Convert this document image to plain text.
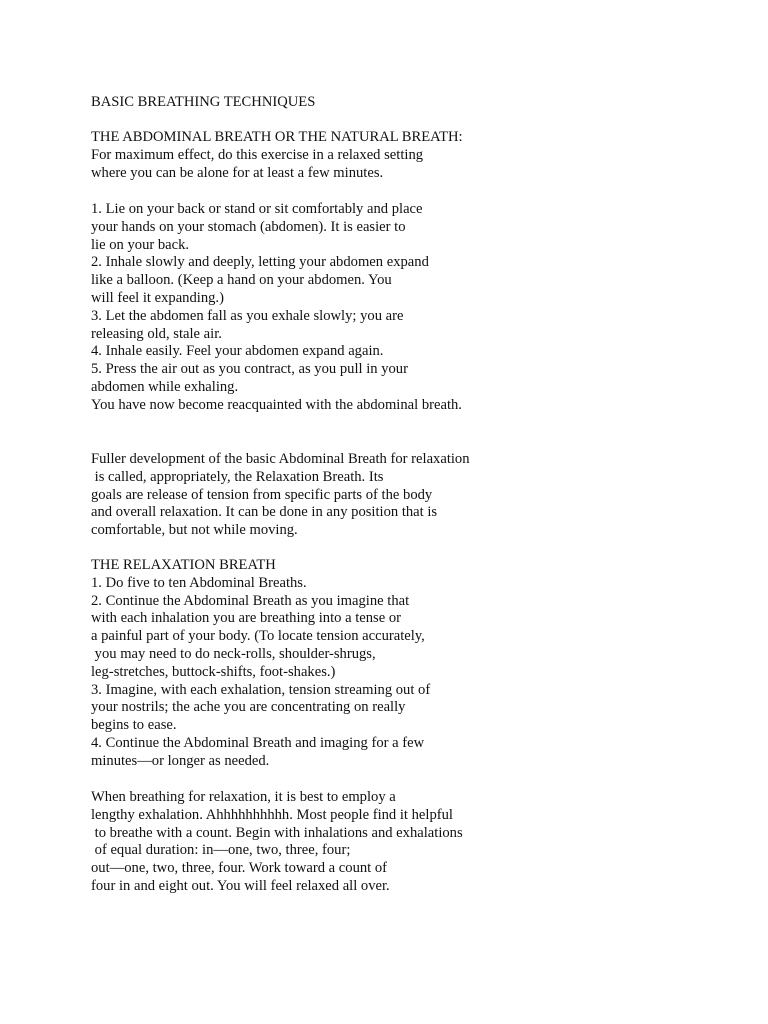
BASIC BREATHING TECHNIQUES
THE ABDOMINAL BREATH OR THE NATURAL BREATH:
For maximum effect, do this exercise in a relaxed setting
where you can be alone for at least a few minutes.
1. Lie on your back or stand or sit comfortably and place
your hands on your stomach (abdomen). It is easier to
lie on your back.
2. Inhale slowly and deeply, letting your abdomen expand
like a balloon. (Keep a hand on your abdomen. You
will feel it expanding.)
3. Let the abdomen fall as you exhale slowly; you are
releasing old, stale air.
4. Inhale easily. Feel your abdomen expand again.
5. Press the air out as you contract, as you pull in your
abdomen while exhaling.
You have now become reacquainted with the abdominal breath.
Fuller development of the basic Abdominal Breath for relaxation
is called, appropriately, the Relaxation Breath. Its
goals are release of tension from specific parts of the body
and overall relaxation. It can be done in any position that is
comfortable, but not while moving.
THE RELAXATION BREATH
1. Do five to ten Abdominal Breaths.
2. Continue the Abdominal Breath as you imagine that
with each inhalation you are breathing into a tense or
a painful part of your body. (To locate tension accurately,
you may need to do neck-rolls, shoulder-shrugs,
leg-stretches, buttock-shifts, foot-shakes.)
3. Imagine, with each exhalation, tension streaming out of
your nostrils; the ache you are concentrating on really
begins to ease.
4. Continue the Abdominal Breath and imaging for a few
minutes—or longer as needed.
When breathing for relaxation, it is best to employ a
lengthy exhalation. Ahhhhhhhhhh. Most people find it helpful
to breathe with a count. Begin with inhalations and exhalations
of equal duration: in—one, two, three, four;
out—one, two, three, four. Work toward a count of
four in and eight out. You will feel relaxed all over.
